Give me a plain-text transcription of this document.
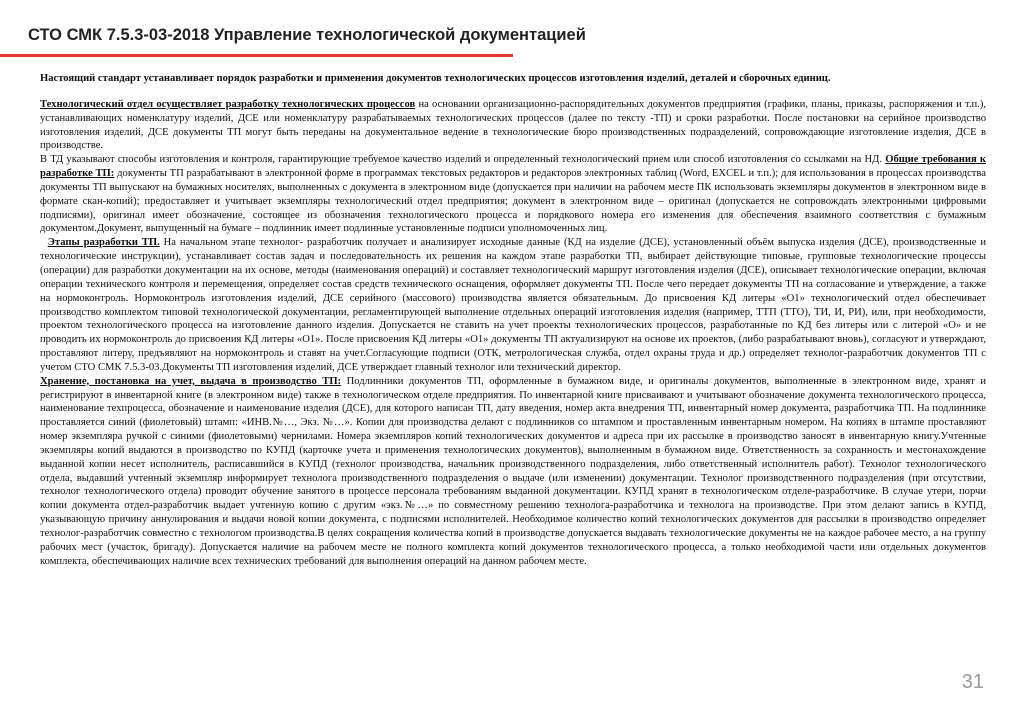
СТО СМК 7.5.3-03-2018 Управление технологической документацией

Настоящий стандарт устанавливает порядок разработки и применения документов технологических процессов изготовления изделий, деталей и сборочных единиц.

Технологический отдел осуществляет разработку технологических процессов на основании организационно-распорядительных документов предприятия (графики, планы, приказы, распоряжения и т.п.), устанавливающих номенклатуру изделий, ДСЕ или номенклатуру разрабатываемых технологических процессов (далее по тексту -ТП) и сроки разработки. После постановки на серийное производство изготовления изделий, ДСЕ документы ТП могут быть переданы на документальное ведение в технологические бюро производственных подразделений, сопровождающие изготовление изделия, ДСЕ в производстве.

В ТД указывают способы изготовления и контроля, гарантирующие требуемое качество изделий и определенный технологический прием или способ изготовления со ссылками на НД. Общие требования к разработке ТП: документы ТП разрабатывают в электронной форме в программах текстовых редакторов и редакторов электронных таблиц (Word, EXCEL и т.п.); для использования в процессах производства документы ТП выпускают на бумажных носителях, выполненных с документа в электронном виде (допускается при наличии на рабочем месте ПК использовать экземпляры документов в электронном виде в формате скан-копий); предоставляет и учитывает экземпляры технологический отдел предприятия; документ в электронном виде – оригинал (допускается не сопровождать электронными цифровыми подписями), оригинал имеет обозначение, состоящее из обозначения технологического процесса и порядкового номера его изменения для обеспечения взаимного соответствия с бумажным документом.Документ, выпущенный на бумаге – подлинник имеет подлинные установленные подписи уполномоченных лиц.

Этапы разработки ТП. На начальном этапе технолог- разработчик получает и анализирует исходные данные (КД на изделие (ДСЕ), установленный объём выпуска изделия (ДСЕ), производственные и технологические инструкции), устанавливает состав задач и последовательность их решения на каждом этапе разработки ТП, выбирает действующие типовые, групповые технологические процессы (операции) для разработки документации на их основе, методы (наименования операций) и составляет технологический маршрут изготовления изделия (ДСЕ), описывает технологические операции, включая операции технического контроля и перемещения, определяет состав средств технического оснащения, оформляет документы ТП. После чего передает документы ТП на согласование и утверждение, а также на нормоконтроль. Нормоконтроль изготовления изделий, ДСЕ серийного (массового) производства является обязательным. До присвоения КД литеры «О1» технологический отдел обеспечивает производство комплектом типовой технологической документации, регламентирующей выполнение отдельных операций изготовления изделия (например, ТТП (ТТО), ТИ, И, РИ), или, при необходимости, проектом технологического процесса на изготовление данного изделия. Допускается не ставить на учет проекты технологических процессов, разработанные по КД без литеры или с литерой «О» и не проводить их нормоконтроль до присвоения КД литеры «О1». После присвоения КД литеры «О1» документы ТП актуализируют на основе их проектов, (либо разрабатывают вновь), согласуют и утверждают, проставляют литеру, предъявляют на нормоконтроль и ставят на учет.Согласующие подписи (ОТК, метрологическая служба, отдел охраны труда и др.) определяет технолог-разработчик документов ТП с учетом СТО СМК 7.5.3-03.Документы ТП изготовления изделий, ДСЕ утверждает главный технолог или технический директор.

Хранение, постановка на учет, выдача в производство ТП: Подлинники документов ТП, оформленные в бумажном виде, и оригиналы документов, выполненные в электронном виде, хранят и регистрируют в инвентарной книге (в электронном виде) также в технологическом отделе предприятия. По инвентарной книге присваивают и учитывают обозначение документа технологического процесса, наименование техпроцесса, обозначение и наименование изделия (ДСЕ), для которого написан ТП, дату введения, номер акта внедрения ТП, инвентарный номер документа, разработчика ТП. На подлиннике проставляется синий (фиолетовый) штамп: «ИНВ.№…, Экз. №…». Копии для производства делают с подлинников со штампом и проставленным инвентарным номером. На копиях в штампе проставляют номер экземпляра ручкой с синими (фиолетовыми) чернилами. Номера экземпляров копий технологических документов и адреса при их рассылке в производство заносят в инвентарную книгу.Учтенные экземпляры копий выдаются в производство по КУПД (карточке учета и применения технологических документов), выполненным в бумажном виде. Ответственность за сохранность и местонахождение выданной копии несет исполнитель, расписавшийся в КУПД (технолог производства, начальник производственного подразделения, либо ответственный исполнитель работ). Технолог технологического отдела, выдавший учтенный экземпляр информирует технолога производственного подразделения о выдаче (или изменении) документации. Технолог производственного подразделения (при отсутствии, технолог технологического отдела) проводит обучение занятого в процессе персонала требованиям выданной документации. КУПД хранят в технологическом отделе-разработчике. В случае утери, порчи копии документа отдел-разработчик выдает учтенную копию с другим «экз.№…» по совместному решению технолога-разработчика и технолога на производстве. При этом делают запись в КУПД, указывающую причину аннулирования и выдачи новой копии документа, с подписями исполнителей. Необходимое количество копий технологических документов для рассылки в производство определяет технолог-разработчик совместно с технологом производства.В целях сокращения количества копий в производстве допускается выдавать технологические документы не на каждое рабочее место, а на группу рабочих мест (участок, бригаду). Допускается наличие на рабочем месте не полного комплекта копий документов технологического процесса, а только необходимой части или отдельных документов комплекта, обеспечивающих наличие всех технических требований для выполнения операций на данном рабочем месте.

31
